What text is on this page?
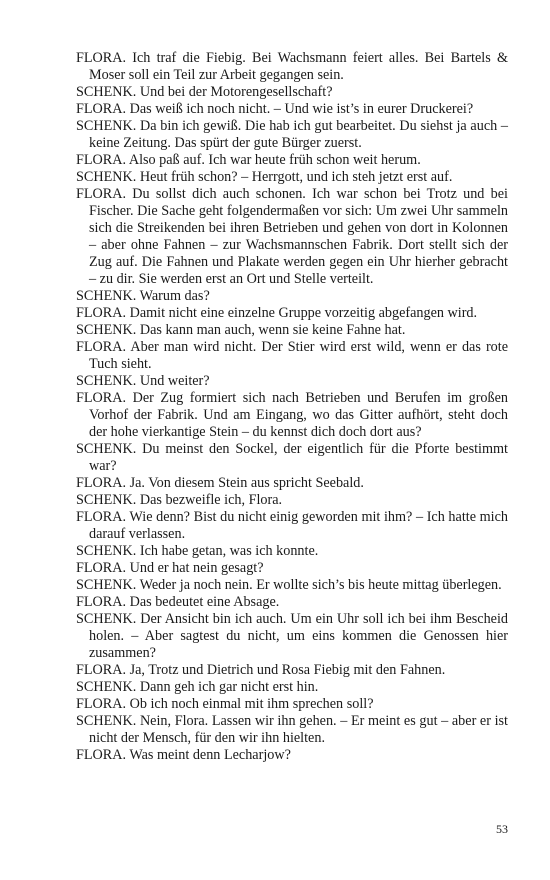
FLORA. Ich traf die Fiebig. Bei Wachsmann feiert alles. Bei Bartels & Moser soll ein Teil zur Arbeit gegangen sein.

SCHENK. Und bei der Motorengesellschaft?

FLORA. Das weiß ich noch nicht. – Und wie ist’s in eurer Druckerei?

SCHENK. Da bin ich gewiß. Die hab ich gut bearbeitet. Du siehst ja auch – keine Zeitung. Das spürt der gute Bürger zuerst.

FLORA. Also paß auf. Ich war heute früh schon weit herum.

SCHENK. Heut früh schon? – Herrgott, und ich steh jetzt erst auf.

FLORA. Du sollst dich auch schonen. Ich war schon bei Trotz und bei Fischer. Die Sache geht folgendermaßen vor sich: Um zwei Uhr sammeln sich die Streikenden bei ihren Betrieben und gehen von dort in Kolonnen – aber ohne Fahnen – zur Wachsmannschen Fabrik. Dort stellt sich der Zug auf. Die Fahnen und Plakate werden gegen ein Uhr hierher gebracht – zu dir. Sie werden erst an Ort und Stelle verteilt.

SCHENK. Warum das?

FLORA. Damit nicht eine einzelne Gruppe vorzeitig abgefangen wird.

SCHENK. Das kann man auch, wenn sie keine Fahne hat.

FLORA. Aber man wird nicht. Der Stier wird erst wild, wenn er das rote Tuch sieht.

SCHENK. Und weiter?

FLORA. Der Zug formiert sich nach Betrieben und Berufen im großen Vorhof der Fabrik. Und am Eingang, wo das Gitter aufhört, steht doch der hohe vierkantige Stein – du kennst dich doch dort aus?

SCHENK. Du meinst den Sockel, der eigentlich für die Pforte bestimmt war?

FLORA. Ja. Von diesem Stein aus spricht Seebald.

SCHENK. Das bezweifle ich, Flora.

FLORA. Wie denn? Bist du nicht einig geworden mit ihm? – Ich hatte mich darauf verlassen.

SCHENK. Ich habe getan, was ich konnte.

FLORA. Und er hat nein gesagt?

SCHENK. Weder ja noch nein. Er wollte sich’s bis heute mittag überlegen.

FLORA. Das bedeutet eine Absage.

SCHENK. Der Ansicht bin ich auch. Um ein Uhr soll ich bei ihm Bescheid holen. – Aber sagtest du nicht, um eins kommen die Genossen hier zusammen?

FLORA. Ja, Trotz und Dietrich und Rosa Fiebig mit den Fahnen.

SCHENK. Dann geh ich gar nicht erst hin.

FLORA. Ob ich noch einmal mit ihm sprechen soll?

SCHENK. Nein, Flora. Lassen wir ihn gehen. – Er meint es gut – aber er ist nicht der Mensch, für den wir ihn hielten.

FLORA. Was meint denn Lecharjow?

53
